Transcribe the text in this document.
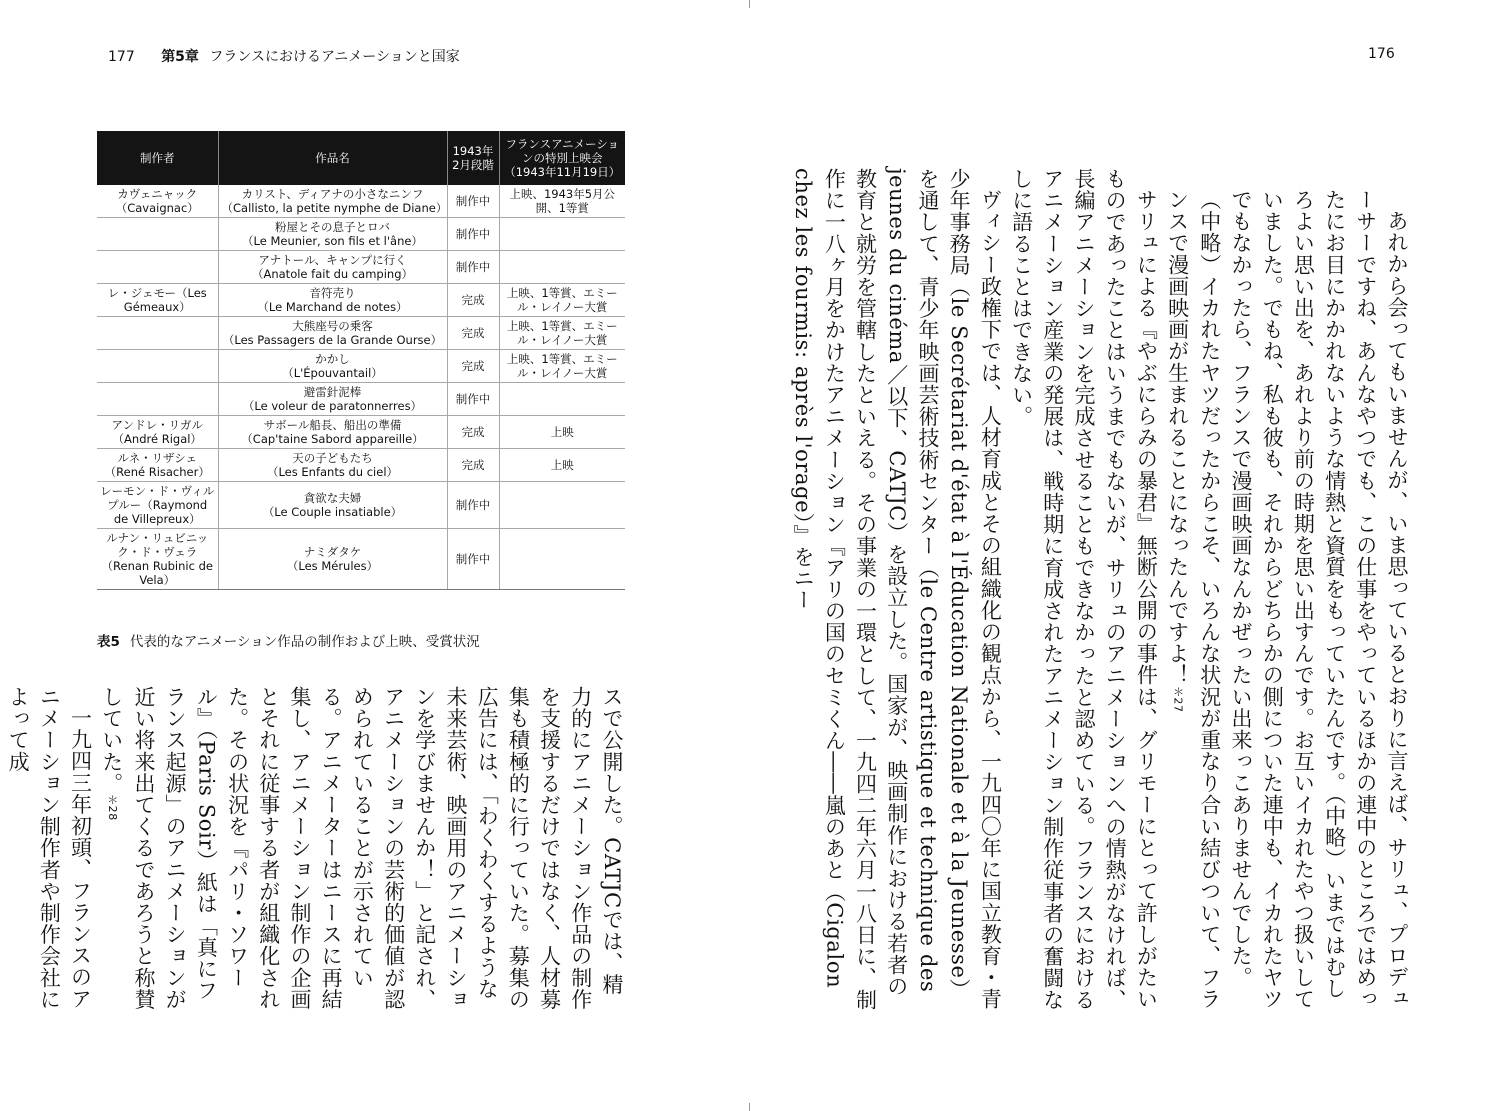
177 第5章 フランスにおけるアニメーションと国家	176
制作者	作品名	1943年2月段階	フランスアニメーションの特別上映会（1943年11月19日）
カヴェニャック（Cavaignac）	カリスト、ディアナの小さなニンフ
（Callisto, la petite nymphe de Diane）	制作中	上映、1943年5月公開、1等賞

	粉屋とその息子とロバ
（Le Meunier, son fils et l'âne）	制作中	

	アナトール、キャンプに行く
（Anatole fait du camping）	制作中	
レ・ジェモー（Les Gémeaux）	音符売り
（Le Marchand de notes）	完成	上映、1等賞、エミール・レイノー大賞

	大熊座号の乗客
（Les Passagers de la Grande Ourse）	完成	上映、1等賞、エミール・レイノー大賞

	かかし
（L'Épouvantail）	完成	上映、1等賞、エミール・レイノー大賞

	避雷針泥棒
（Le voleur de paratonnerres）	制作中	
アンドレ・リガル（André Rigal）	サボール船長、船出の準備
（Cap'taine Sabord appareille）	完成	上映
ルネ・リザシェ（René Risacher）	天の子どもたち
（Les Enfants du ciel）	完成	上映
レーモン・ド・ヴィルプルー（Raymond de Villepreux）	貪欲な夫婦
（Le Couple insatiable）	制作中	
ルナン・リュビニック・ド・ヴェラ（Renan Rubinic de Vela）	ナミダタケ
（Les Mérules）	制作中	
表5 代表的なアニメーション作品の制作および上映、受賞状況

スで公開した。CATJCでは、精力的にアニメーション作品の制作を支援するだけではなく、人材募集も積極的に行っていた。募集の広告には、「わくわくするような未来芸術、映画用のアニメーションを学びませんか！」と記され、アニメーションの芸術的価値が認められていることが示されている。アニメーターはニースに再結集し、アニメーション制作の企画とそれに従事する者が組織化された。その状況を『パリ・ソワール』（Paris Soir）紙は「真にフランス起源」のアニメーションが近い将来出てくるであろうと称賛していた。＊28

一九四三年初頭、フランスのアニメーション制作者や制作会社によって成	あれから会ってもいませんが、いま思っているとおりに言えば、サリュ、プロデューサーですね、あんなやつでも、この仕事をやっているほかの連中のところではめったにお目にかかれないような情熱と資質をもっていたんです。（中略）いまではむしろよい思い出を、あれより前の時期を思い出すんです。お互いイカれたやつ扱いしていました。でもね、私も彼も、それからどちらかの側についた連中も、イカれたヤツでもなかったら、フランスで漫画映画なんかぜったい出来っこありませんでした。（中略）イカれたヤツだったからこそ、いろんな状況が重なり合い結びついて、フランスで漫画映画が生まれることになったんですよ！＊27

サリュによる『やぶにらみの暴君』無断公開の事件は、グリモーにとって許しがたいものであったことはいうまでもないが、サリュのアニメーションへの情熱がなければ、長編アニメーションを完成させることもできなかったと認めている。フランスにおけるアニメーション産業の発展は、戦時期に育成されたアニメーション制作従事者の奮闘なしに語ることはできない。

ヴィシー政権下では、人材育成とその組織化の観点から、一九四〇年に国立教育・青少年事務局（le Secrétariat d'état à l'Éducation Nationale et à la Jeunesse）を通して、青少年映画芸術技術センター（le Centre artistique et technique des jeunes du cinéma／以下、CATJC）を設立した。国家が、映画制作における若者の教育と就労を管轄したといえる。その事業の一環として、一九四二年六月一八日に、制作に一八ヶ月をかけたアニメーション『アリの国のセミくん――嵐のあと（Cigalon chez les fourmis: après l'orage）』をニー
